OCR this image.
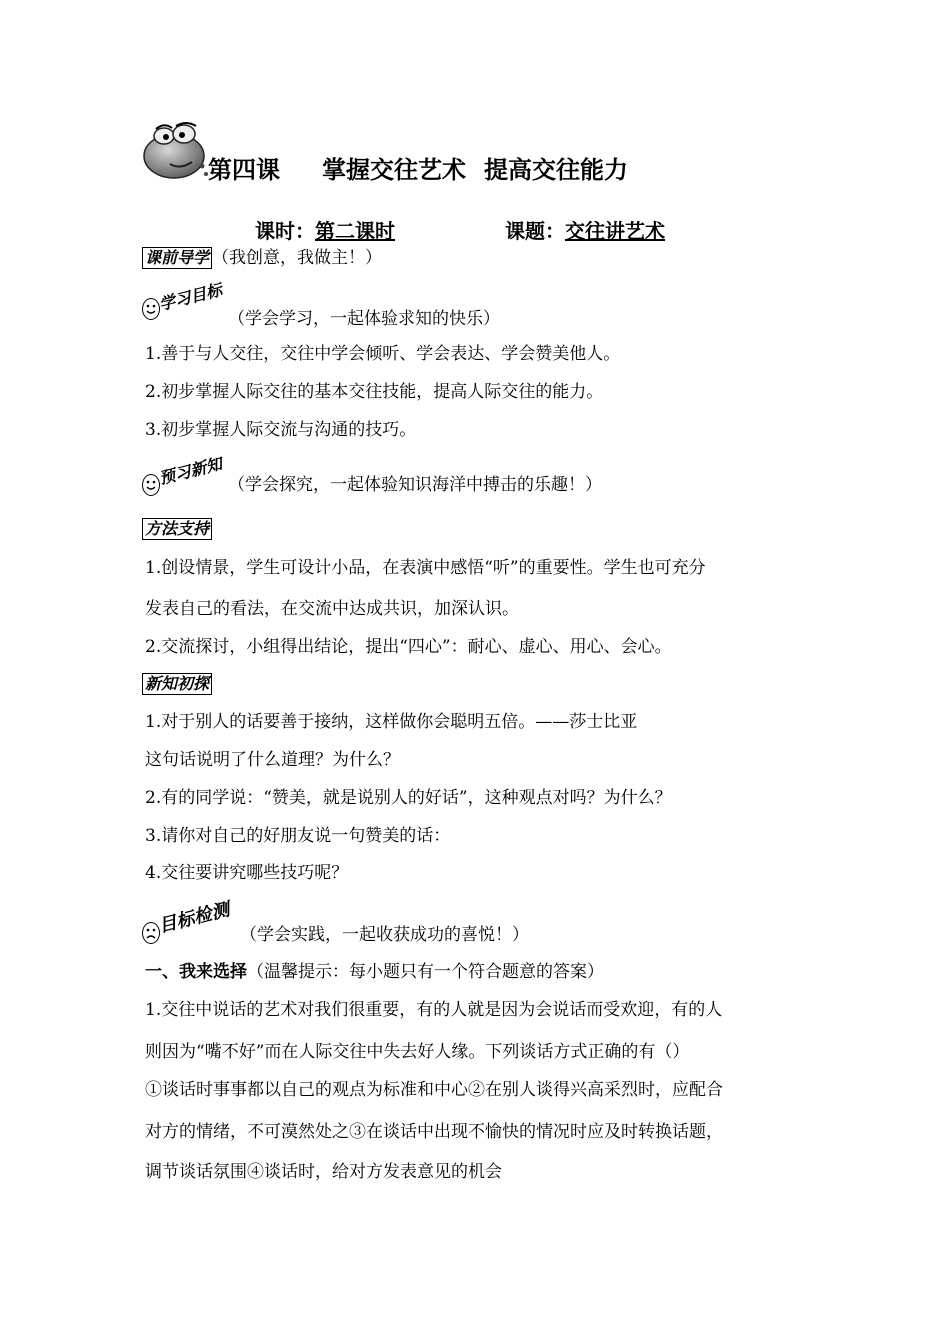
第四课 掌握交往艺术 提高交往能力
课时：第二课时	课题：交往讲艺术
课前导学 （我创意，我做主！）
学习目标
（学会学习，一起体验求知的快乐）
1.善于与人交往，交往中学会倾听、学会表达、学会赞美他人。
2.初步掌握人际交往的基本交往技能，提高人际交往的能力。
3.初步掌握人际交流与沟通的技巧。
预习新知 （学会探究，一起体验知识海洋中搏击的乐趣！）
方法支持
1.创设情景，学生可设计小品，在表演中感悟“听”的重要性。学生也可充分
发表自己的看法，在交流中达成共识，加深认识。
2.交流探讨，小组得出结论，提出“四心”：耐心、虚心、用心、会心。
新知初探
1.对于别人的话要善于接纳，这样做你会聪明五倍。——莎士比亚
这句话说明了什么道理？为什么？
2.有的同学说：“赞美，就是说别人的好话”，这种观点对吗？为什么？
3.请你对自己的好朋友说一句赞美的话：
4.交往要讲究哪些技巧呢？
目标检测 （学会实践，一起收获成功的喜悦！）
一、我来选择（温馨提示：每小题只有一个符合题意的答案）
1.交往中说话的艺术对我们很重要，有的人就是因为会说话而受欢迎，有的人
则因为“嘴不好”而在人际交往中失去好人缘。下列谈话方式正确的有（）
①谈话时事事都以自己的观点为标准和中心②在别人谈得兴高采烈时，应配合
对方的情绪，不可漠然处之③在谈话中出现不愉快的情况时应及时转换话题，
调节谈话氛围④谈话时，给对方发表意见的机会
